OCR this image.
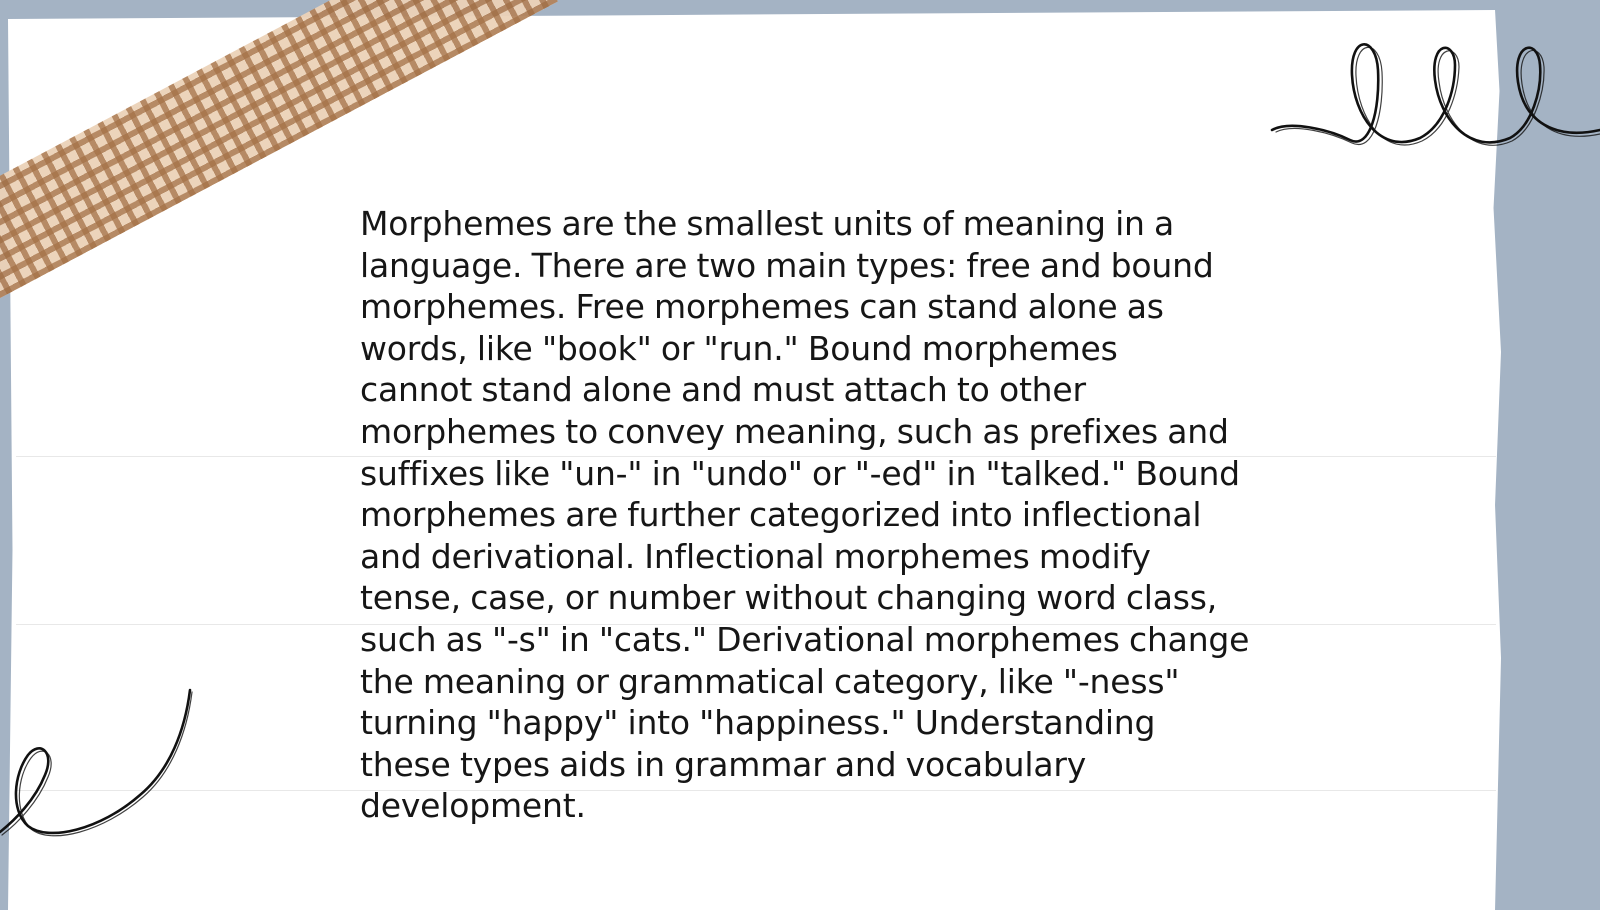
Morphemes are the smallest units of meaning in a
language. There are two main types: free and bound
morphemes. Free morphemes can stand alone as
words, like "book" or "run." Bound morphemes
cannot stand alone and must attach to other
morphemes to convey meaning, such as prefixes and
suffixes like "un-" in "undo" or "-ed" in "talked." Bound
morphemes are further categorized into inflectional
and derivational. Inflectional morphemes modify
tense, case, or number without changing word class,
such as "-s" in "cats." Derivational morphemes change
the meaning or grammatical category, like "-ness"
turning "happy" into "happiness." Understanding
these types aids in grammar and vocabulary
development.
